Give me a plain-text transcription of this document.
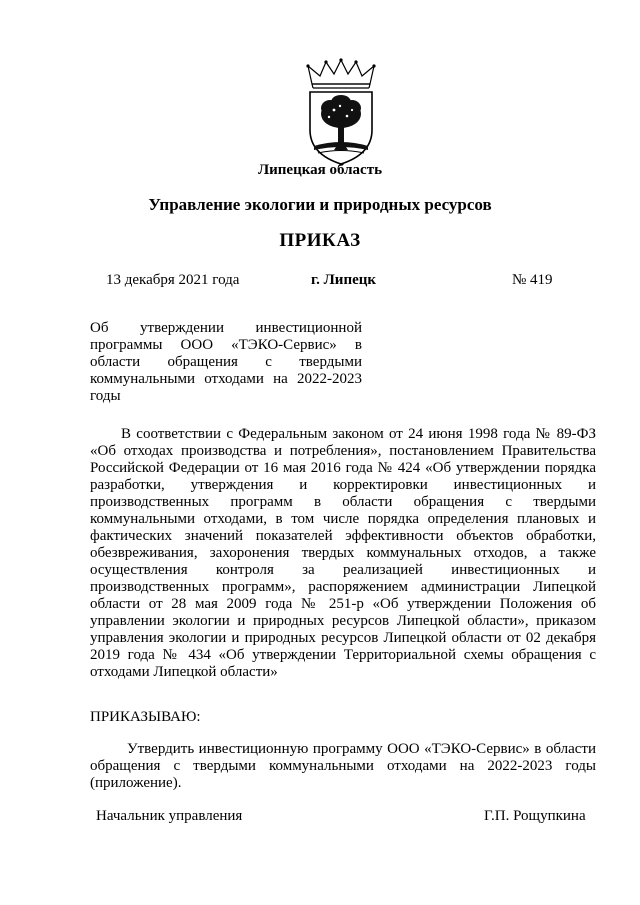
Липецкая область
Управление экологии и природных ресурсов
ПРИКАЗ
13 декабря 2021 года	г. Липецк	№ 419
Об утверждении инвестиционной программы ООО «ТЭКО-Сервис» в области обращения с твердыми коммунальными отходами на 2022-2023 годы

В соответствии с Федеральным законом от 24 июня 1998 года № 89-ФЗ «Об отходах производства и потребления», постановлением Правительства Российской Федерации от 16 мая 2016 года № 424 «Об утверждении порядка разработки, утверждения и корректировки инвестиционных и производственных программ в области обращения с твердыми коммунальными отходами, в том числе порядка определения плановых и фактических значений показателей эффективности объектов обработки, обезвреживания, захоронения твердых коммунальных отходов, а также осуществления контроля за реализацией инвестиционных и производственных программ», распоряжением администрации Липецкой области от 28 мая 2009 года № 251-р «Об утверждении Положения об управлении экологии и природных ресурсов Липецкой области», приказом управления экологии и природных ресурсов Липецкой области от 02 декабря 2019 года № 434 «Об утверждении Территориальной схемы обращения с отходами Липецкой области»

ПРИКАЗЫВАЮ:

Утвердить инвестиционную программу ООО «ТЭКО-Сервис» в области обращения с твердыми коммунальными отходами на 2022-2023 годы (приложение).

Начальник управления	Г.П. Рощупкина
